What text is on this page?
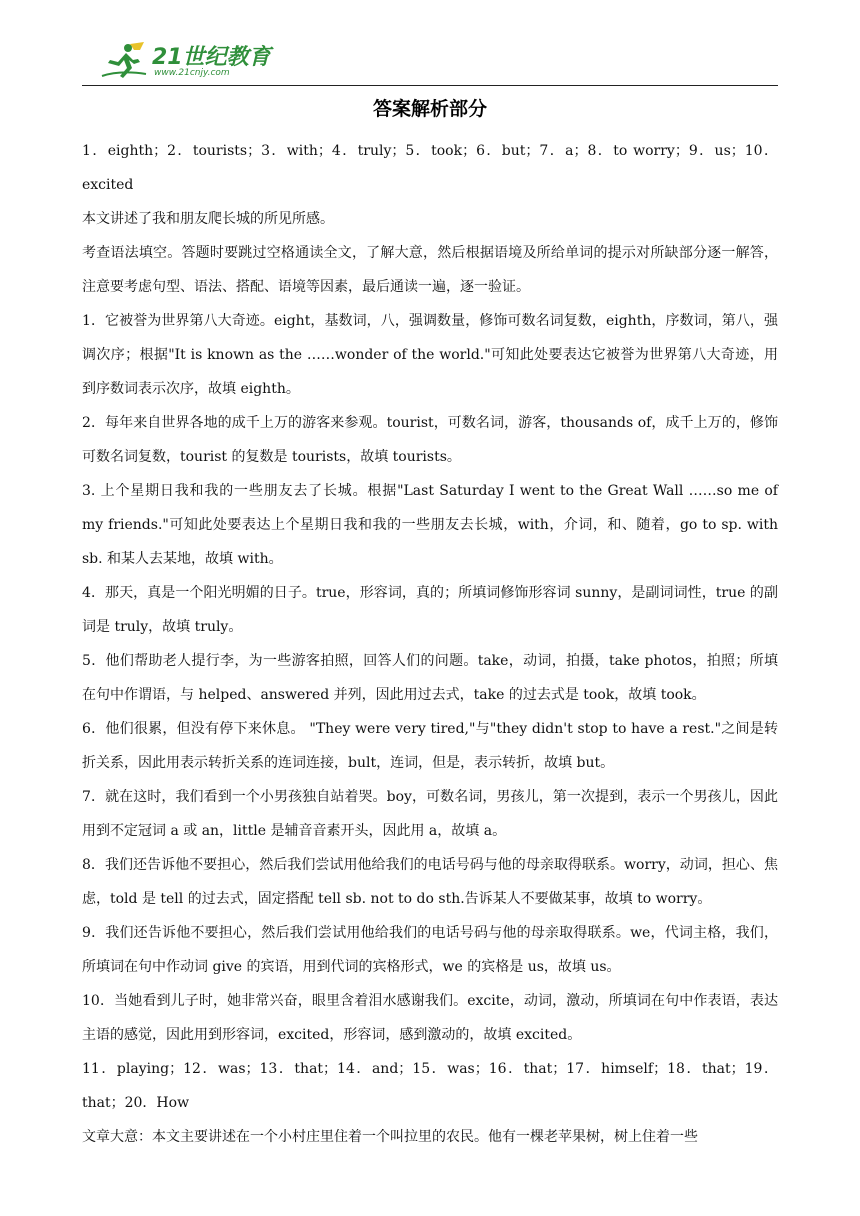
21世纪教育
www.21cnjy.com
答案解析部分

1．eighth；2．tourists；3．with；4．truly；5．took；6．but；7．a；8．to worry；9．us；10．excited

本文讲述了我和朋友爬长城的所见所感。

考查语法填空。答题时要跳过空格通读全文，了解大意，然后根据语境及所给单词的提示对所缺部分逐一解答，注意要考虑句型、语法、搭配、语境等因素，最后通读一遍，逐一验证。

1．它被誉为世界第八大奇迹。eight，基数词，八，强调数量，修饰可数名词复数，eighth，序数词，第八，强调次序；根据"It is known as the ……wonder of the world."可知此处要表达它被誉为世界第八大奇迹，用到序数词表示次序，故填 eighth。

2．每年来自世界各地的成千上万的游客来参观。tourist，可数名词，游客，thousands of，成千上万的，修饰可数名词复数，tourist 的复数是 tourists，故填 tourists。

3. 上个星期日我和我的一些朋友去了长城。根据"Last Saturday I went to the Great Wall ……so me of my friends."可知此处要表达上个星期日我和我的一些朋友去长城，with，介词，和、随着，go to sp. with sb. 和某人去某地，故填 with。

4．那天，真是一个阳光明媚的日子。true，形容词，真的；所填词修饰形容词 sunny，是副词词性，true 的副词是 truly，故填 truly。

5．他们帮助老人提行李，为一些游客拍照，回答人们的问题。take，动词，拍摄，take photos，拍照；所填在句中作谓语，与 helped、answered 并列，因此用过去式，take 的过去式是 took，故填 took。

6．他们很累，但没有停下来休息。 "They were very tired,"与"they didn't stop to have a rest."之间是转折关系，因此用表示转折关系的连词连接，bult，连词，但是，表示转折，故填 but。

7．就在这时，我们看到一个小男孩独自站着哭。boy，可数名词，男孩儿，第一次提到，表示一个男孩儿，因此用到不定冠词 a 或 an，little 是辅音音素开头，因此用 a，故填 a。

8．我们还告诉他不要担心，然后我们尝试用他给我们的电话号码与他的母亲取得联系。worry，动词，担心、焦虑，told 是 tell 的过去式，固定搭配 tell sb. not to do sth.告诉某人不要做某事，故填 to worry。

9．我们还告诉他不要担心，然后我们尝试用他给我们的电话号码与他的母亲取得联系。we，代词主格，我们，所填词在句中作动词 give 的宾语，用到代词的宾格形式，we 的宾格是 us，故填 us。

10．当她看到儿子时，她非常兴奋，眼里含着泪水感谢我们。excite，动词，激动，所填词在句中作表语，表达主语的感觉，因此用到形容词，excited，形容词，感到激动的，故填 excited。

11．playing；12．was；13．that；14．and；15．was；16．that；17．himself；18．that；19．that；20．How

文章大意：本文主要讲述在一个小村庄里住着一个叫拉里的农民。他有一棵老苹果树，树上住着一些
